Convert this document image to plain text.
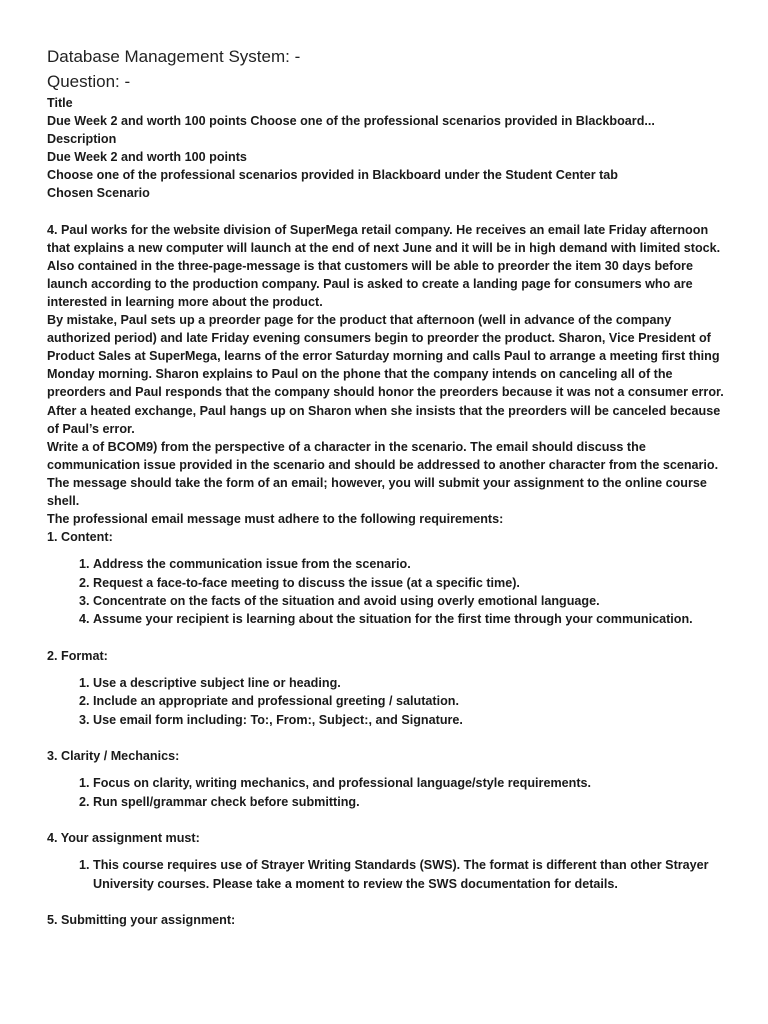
Database Management System: -
Question: -

Title

Due Week 2 and worth 100 points Choose one of the professional scenarios provided in Blackboard...

Description

Due Week 2 and worth 100 points

Choose one of the professional scenarios provided in Blackboard under the Student Center tab

Chosen Scenario

4. Paul works for the website division of SuperMega retail company. He receives an email late Friday afternoon that explains a new computer will launch at the end of next June and it will be in high demand with limited stock. Also contained in the three-page-message is that customers will be able to preorder the item 30 days before launch according to the production company. Paul is asked to create a landing page for consumers who are interested in learning more about the product.

By mistake, Paul sets up a preorder page for the product that afternoon (well in advance of the company authorized period) and late Friday evening consumers begin to preorder the product. Sharon, Vice President of Product Sales at SuperMega, learns of the error Saturday morning and calls Paul to arrange a meeting first thing Monday morning. Sharon explains to Paul on the phone that the company intends on canceling all of the preorders and Paul responds that the company should honor the preorders because it was not a consumer error. After a heated exchange, Paul hangs up on Sharon when she insists that the preorders will be canceled because of Paul’s error.

Write a of BCOM9) from the perspective of a character in the scenario. The email should discuss the communication issue provided in the scenario and should be addressed to another character from the scenario. The message should take the form of an email; however, you will submit your assignment to the online course shell.

The professional email message must adhere to the following requirements:

1. Content:

1. Address the communication issue from the scenario.
2. Request a face-to-face meeting to discuss the issue (at a specific time).
3. Concentrate on the facts of the situation and avoid using overly emotional language.
4. Assume your recipient is learning about the situation for the first time through your communication.

2. Format:

1. Use a descriptive subject line or heading.
2. Include an appropriate and professional greeting / salutation.
3. Use email form including: To:, From:, Subject:, and Signature.

3. Clarity / Mechanics:

1. Focus on clarity, writing mechanics, and professional language/style requirements.
2. Run spell/grammar check before submitting.

4. Your assignment must:

1. This course requires use of Strayer Writing Standards (SWS). The format is different than other Strayer University courses. Please take a moment to review the SWS documentation for details.

5. Submitting your assignment:
